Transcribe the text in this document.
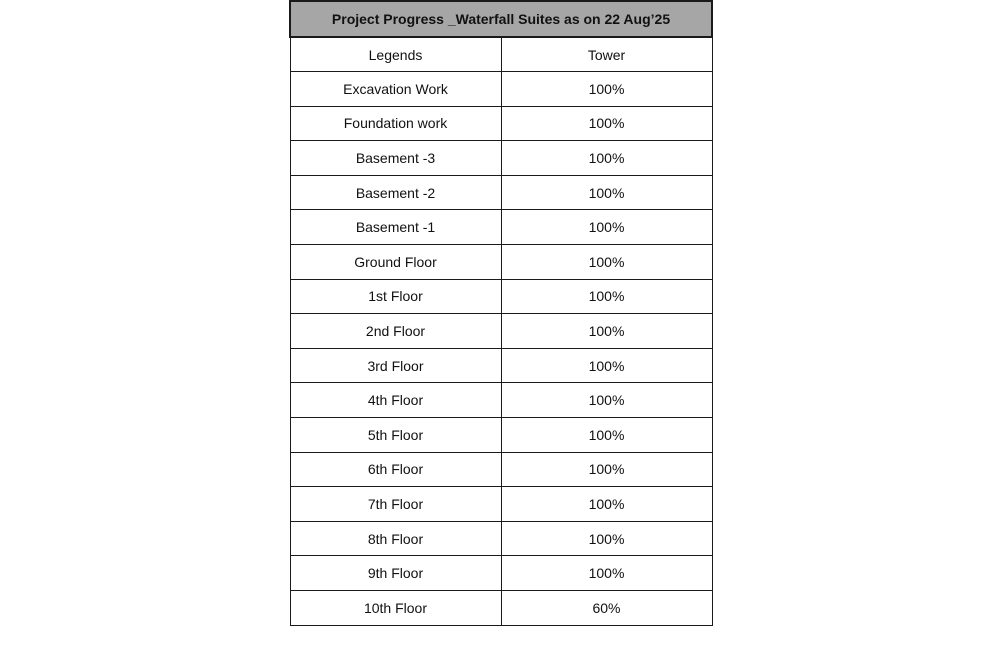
Project Progress _Waterfall Suites as on 22 Aug’25	
Legends	Tower
Excavation Work	100%
Foundation work	100%
Basement -3	100%
Basement -2	100%
Basement -1	100%
Ground Floor	100%
1st Floor	100%
2nd Floor	100%
3rd Floor	100%
4th Floor	100%
5th Floor	100%
6th Floor	100%
7th Floor	100%
8th Floor	100%
9th Floor	100%
10th Floor	60%
